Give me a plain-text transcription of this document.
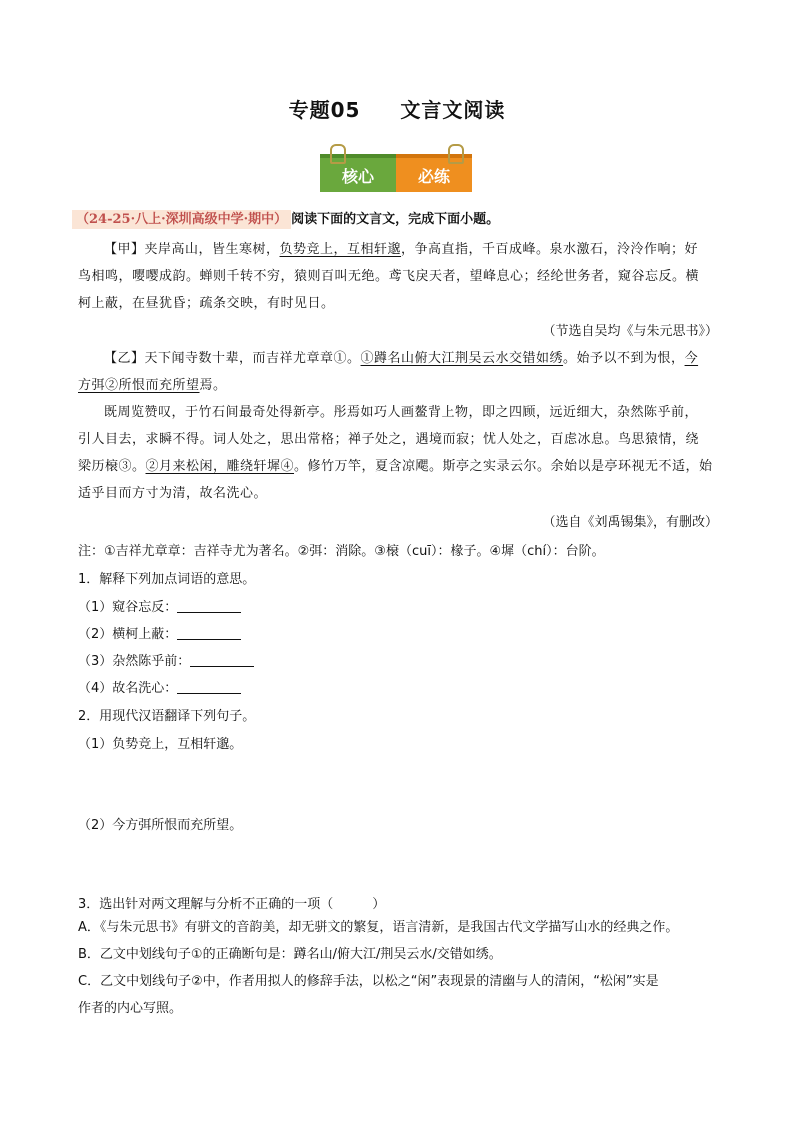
专题05 文言文阅读
核心	必练
（24-25·八上·深圳高级中学·期中） 阅读下面的文言文，完成下面小题。
【甲】夹岸高山，皆生寒树，负势竞上，互相轩邈，争高直指，千百成峰。泉水激石，泠泠作响；好
鸟相鸣，嘤嘤成韵。蝉则千转不穷，猿则百叫无绝。鸢飞戾天者，望峰息心；经纶世务者，窥谷忘反。横
柯上蔽，在昼犹昏；疏条交映，有时见日。
（节选自吴均《与朱元思书》）
【乙】天下闻寺数十辈，而吉祥尤章章①。①蹲名山俯大江荆吴云水交错如绣。始予以不到为恨，今
方弭②所恨而充所望焉。
既周览赞叹，于竹石间最奇处得新亭。彤焉如巧人画鳌背上物，即之四顾，远近细大，杂然陈乎前，
引人目去，求瞬不得。词人处之，思出常格；禅子处之，遇境而寂；忧人处之，百虑冰息。鸟思猿情，绕
梁历榱③。②月来松闲，雕绕轩墀④。修竹万竿，夏含凉飔。斯亭之实录云尔。余始以是亭环视无不适，始
适乎目而方寸为清，故名洗心。
（选自《刘禹锡集》，有删改）
注：①吉祥尤章章：吉祥寺尤为著名。②弭：消除。③榱（cuī）：椽子。④墀（chí）：台阶。
1．解释下列加点词语的意思。
（1）窥谷忘反：
（2）横柯上蔽：
（3）杂然陈乎前：
（4）故名洗心：
2．用现代汉语翻译下列句子。
（1）负势竞上，互相轩邈。
（2）今方弭所恨而充所望。
3．选出针对两文理解与分析不正确的一项（　　　）
A．《与朱元思书》有骈文的音韵美，却无骈文的繁复，语言清新，是我国古代文学描写山水的经典之作。
B．乙文中划线句子①的正确断句是：蹲名山/俯大江/荆吴云水/交错如绣。
C．乙文中划线句子②中，作者用拟人的修辞手法，以松之“闲”表现景的清幽与人的清闲，“松闲”实是
作者的内心写照。
